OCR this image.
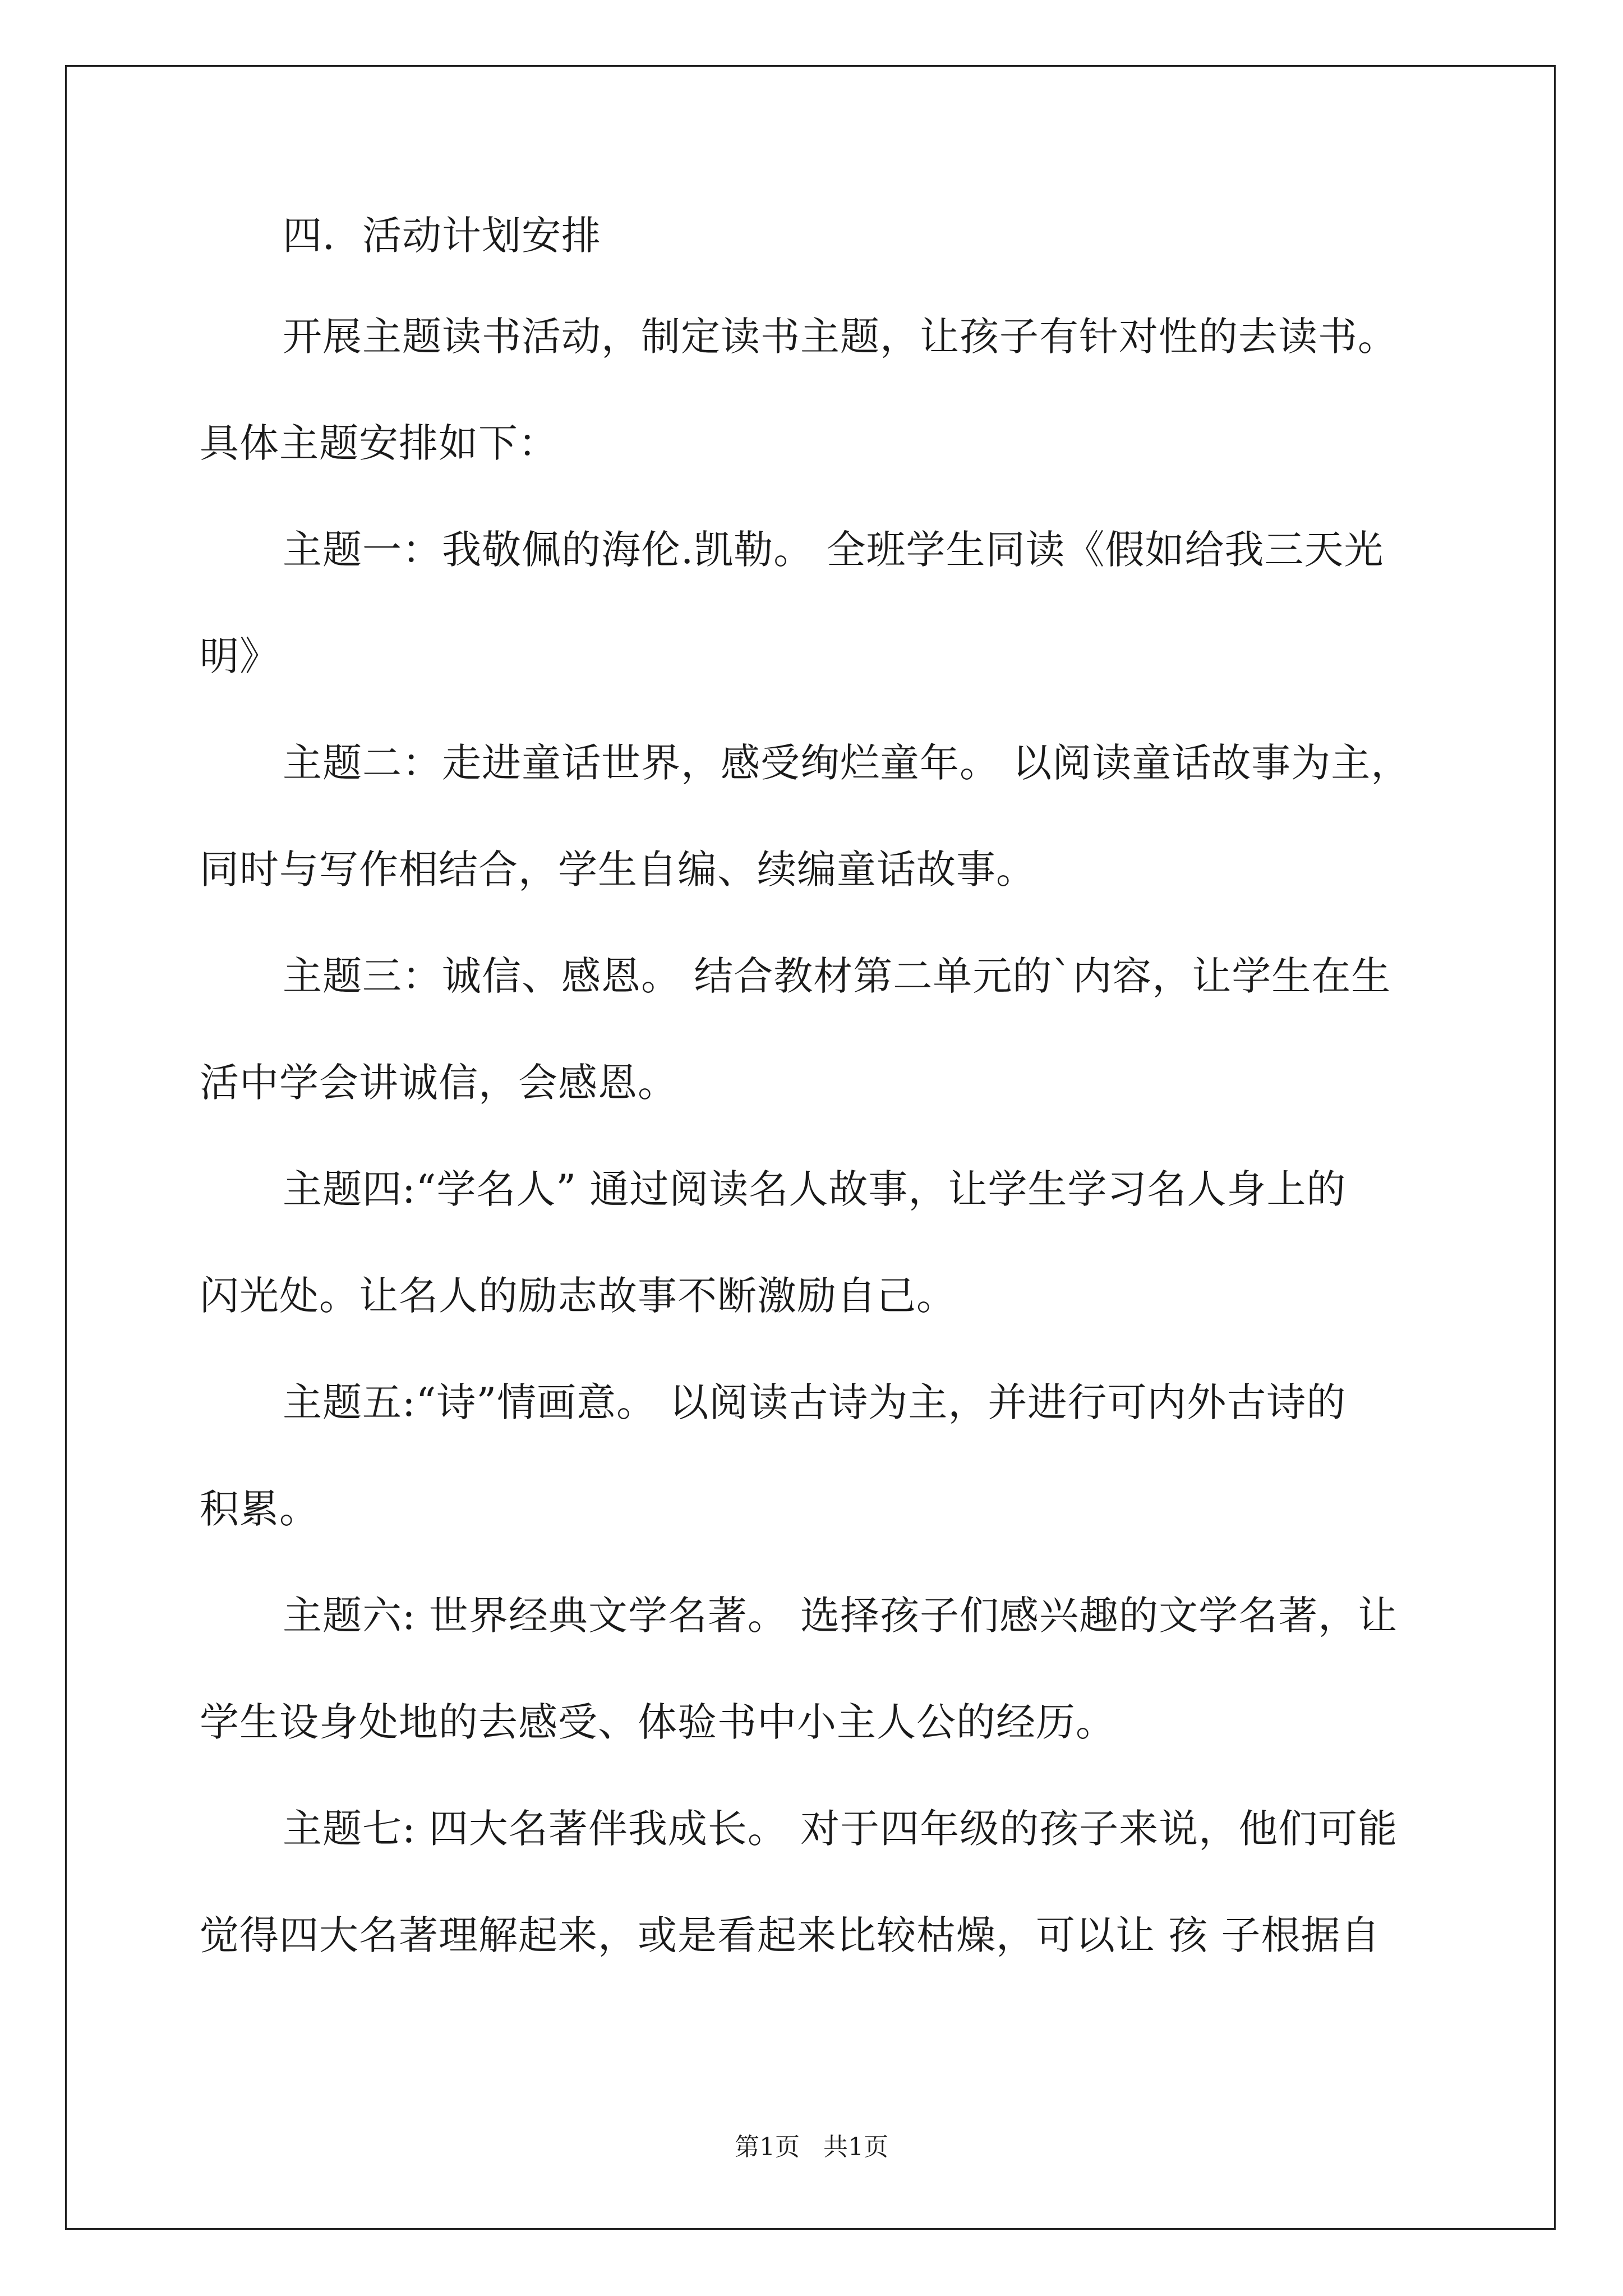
四．活动计划安排
开展主题读书活动，制定读书主题，让孩子有针对性的去读书。
具体主题安排如下：
主题一：我敬佩的海伦.凯勒。 全班学生同读《假如给我三天光
明》
主题二：走进童话世界，感受绚烂童年。 以阅读童话故事为主，
同时与写作相结合，学生自编、续编童话故事。
主题三：诚信、感恩。 结合教材第二单元的`内容，让学生在生
活中学会讲诚信，会感恩。
主题四:“学名人” 通过阅读名人故事，让学生学习名人身上的
闪光处。让名人的励志故事不断激励自己。
主题五:“诗”情画意。 以阅读古诗为主，并进行可内外古诗的
积累。
主题六: 世界经典文学名著。 选择孩子们感兴趣的文学名著，让
学生设身处地的去感受、体验书中小主人公的经历。
主题七: 四大名著伴我成长。 对于四年级的孩子来说，他们可能
觉得四大名著理解起来，或是看起来比较枯燥，可以让 孩 子根据自
第1页   共1页
